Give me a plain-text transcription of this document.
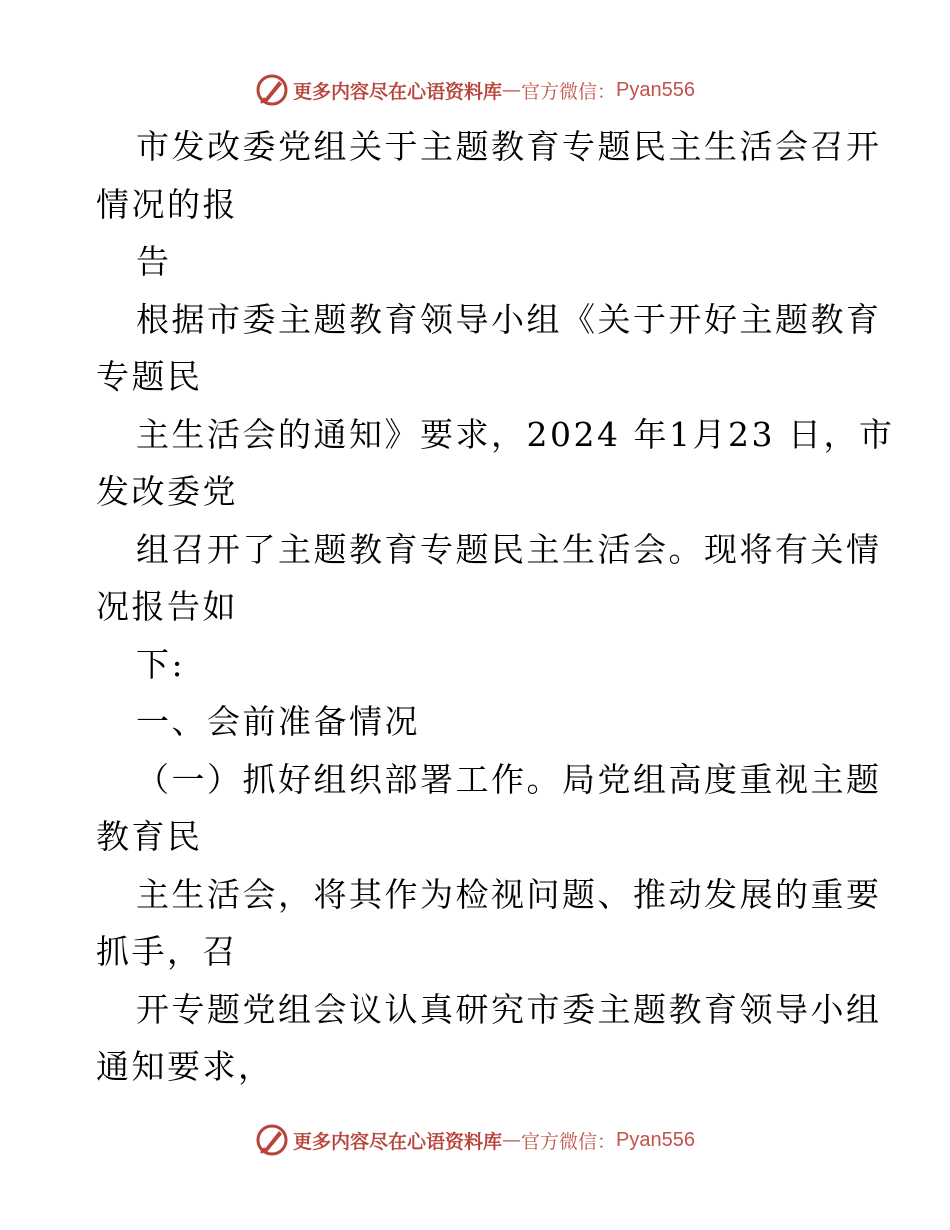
更多内容尽在心语资料库 — 官方微信： Pyan556
市发改委党组关于主题教育专题民主生活会召开
情况的报
告
根据市委主题教育领导小组《关于开好主题教育
专题民
主生活会的通知》要求，2024 年1月23 日，市
发改委党
组召开了主题教育专题民主生活会。现将有关情
况报告如
下:
一、会前准备情况
（一）抓好组织部署工作。局党组高度重视主题
教育民
主生活会，将其作为检视问题、推动发展的重要
抓手，召
开专题党组会议认真研究市委主题教育领导小组
通知要求，
更多内容尽在心语资料库 — 官方微信： Pyan556
